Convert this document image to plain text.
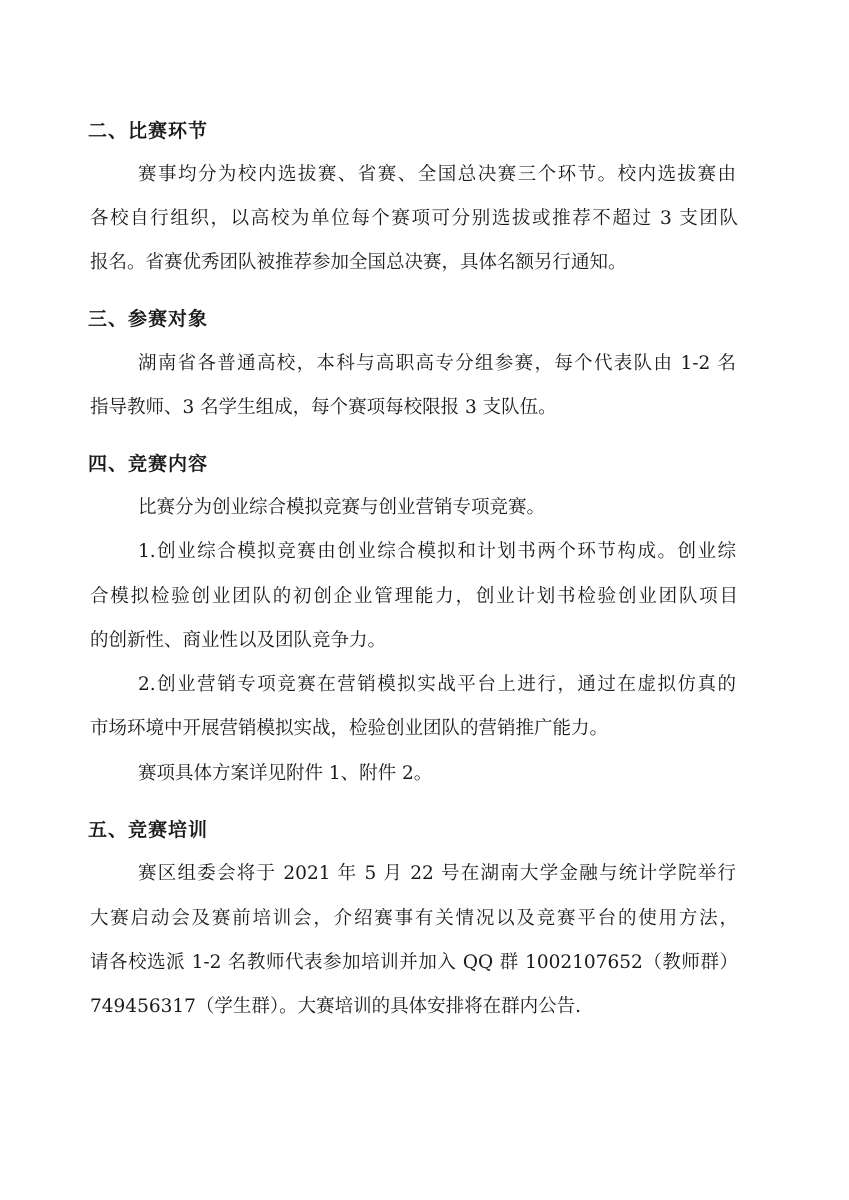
二、比赛环节
赛事均分为校内选拔赛、省赛、全国总决赛三个环节。校内选拔赛由
各校自行组织，以高校为单位每个赛项可分别选拔或推荐不超过 3 支团队
报名。省赛优秀团队被推荐参加全国总决赛，具体名额另行通知。
三、参赛对象
湖南省各普通高校，本科与高职高专分组参赛，每个代表队由 1-2 名
指导教师、3 名学生组成，每个赛项每校限报 3 支队伍。
四、竞赛内容
比赛分为创业综合模拟竞赛与创业营销专项竞赛。
1.创业综合模拟竞赛由创业综合模拟和计划书两个环节构成。创业综
合模拟检验创业团队的初创企业管理能力，创业计划书检验创业团队项目
的创新性、商业性以及团队竞争力。
2.创业营销专项竞赛在营销模拟实战平台上进行，通过在虚拟仿真的
市场环境中开展营销模拟实战，检验创业团队的营销推广能力。
赛项具体方案详见附件 1、附件 2。
五、竞赛培训
赛区组委会将于 2021 年 5 月 22 号在湖南大学金融与统计学院举行
大赛启动会及赛前培训会，介绍赛事有关情况以及竞赛平台的使用方法，
请各校选派 1-2 名教师代表参加培训并加入 QQ 群 1002107652（教师群）
749456317（学生群）。大赛培训的具体安排将在群内公告.
